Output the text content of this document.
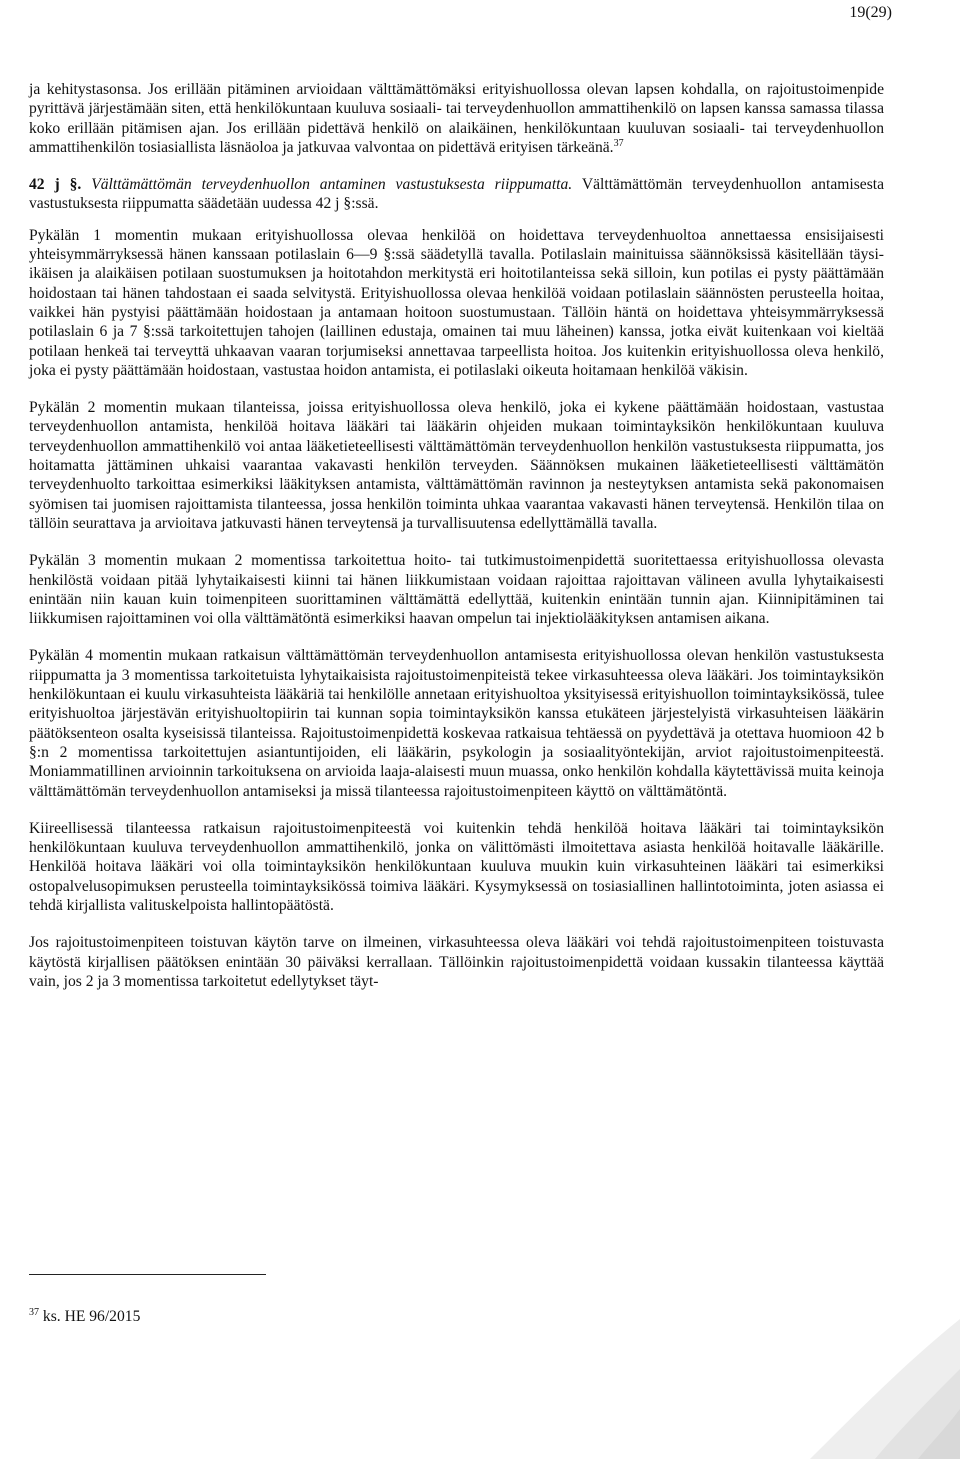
19(29)

ja kehitystasonsa. Jos erillään pitäminen arvioidaan välttämättömäksi erityishuollossa olevan lapsen kohdalla, on rajoitustoimenpide pyrittävä järjestämään siten, että henkilökuntaan kuuluva sosiaali- tai terveydenhuollon ammattihenkilö on lapsen kanssa samassa tilassa koko erillään pitämisen ajan. Jos erillään pidettävä henkilö on alaikäinen, henkilökuntaan kuuluvan sosiaali- tai terveydenhuollon ammattihenkilön tosiasiallista läsnäoloa ja jatkuvaa valvontaa on pidettävä erityisen tärkeänä.$^{37}$

42 j §. Välttämättömän terveydenhuollon antaminen vastustuksesta riippumatta. Välttämättömän terveydenhuollon antamisesta vastustuksesta riippumatta säädetään uudessa 42 j §:ssä.

Pykälän 1 momentin mukaan erityishuollossa olevaa henkilöä on hoidettava terveydenhuoltoa annettaessa ensisijaisesti yhteisymmärryksessä hänen kanssaan potilaslain 6—9 §:ssä säädetyllä tavalla. Potilaslain mainituissa säännöksissä käsitellään täysi-ikäisen ja alaikäisen potilaan suostumuksen ja hoitotahdon merkitystä eri hoitotilanteissa sekä silloin, kun potilas ei pysty päättämään hoidostaan tai hänen tahdostaan ei saada selvitystä. Erityishuollossa olevaa henkilöä voidaan potilaslain säännösten perusteella hoitaa, vaikkei hän pystyisi päättämään hoidostaan ja antamaan hoitoon suostumustaan. Tällöin häntä on hoidettava yhteisymmärryksessä potilaslain 6 ja 7 §:ssä tarkoitettujen tahojen (laillinen edustaja, omainen tai muu läheinen) kanssa, jotka eivät kuitenkaan voi kieltää potilaan henkeä tai terveyttä uhkaavan vaaran torjumiseksi annettavaa tarpeellista hoitoa. Jos kuitenkin erityishuollossa oleva henkilö, joka ei pysty päättämään hoidostaan, vastustaa hoidon antamista, ei potilaslaki oikeuta hoitamaan henkilöä väkisin.

Pykälän 2 momentin mukaan tilanteissa, joissa erityishuollossa oleva henkilö, joka ei kykene päättämään hoidostaan, vastustaa terveydenhuollon antamista, henkilöä hoitava lääkäri tai lääkärin ohjeiden mukaan toimintayksikön henkilökuntaan kuuluva terveydenhuollon ammattihenkilö voi antaa lääketieteellisesti välttämättömän terveydenhuollon henkilön vastustuksesta riippumatta, jos hoitamatta jättäminen uhkaisi vaarantaa vakavasti henkilön terveyden. Säännöksen mukainen lääketieteellisesti välttämätön terveydenhuolto tarkoittaa esimerkiksi lääkityksen antamista, välttämättömän ravinnon ja nesteytyksen antamista sekä pakonomaisen syömisen tai juomisen rajoittamista tilanteessa, jossa henkilön toiminta uhkaa vaarantaa vakavasti hänen terveytensä. Henkilön tilaa on tällöin seurattava ja arvioitava jatkuvasti hänen terveytensä ja turvallisuutensa edellyttämällä tavalla.

Pykälän 3 momentin mukaan 2 momentissa tarkoitettua hoito- tai tutkimustoimenpidettä suoritettaessa erityishuollossa olevasta henkilöstä voidaan pitää lyhytaikaisesti kiinni tai hänen liikkumistaan voidaan rajoittaa rajoittavan välineen avulla lyhytaikaisesti enintään niin kauan kuin toimenpiteen suorittaminen välttämättä edellyttää, kuitenkin enintään tunnin ajan. Kiinnipitäminen tai liikkumisen rajoittaminen voi olla välttämätöntä esimerkiksi haavan ompelun tai injektiolääkityksen antamisen aikana.

Pykälän 4 momentin mukaan ratkaisun välttämättömän terveydenhuollon antamisesta erityishuollossa olevan henkilön vastustuksesta riippumatta ja 3 momentissa tarkoitetuista lyhytaikaisista rajoitustoimenpiteistä tekee virkasuhteessa oleva lääkäri. Jos toimintayksikön henkilökuntaan ei kuulu virkasuhteista lääkäriä tai henkilölle annetaan erityishuoltoa yksityisessä erityishuollon toimintayksikössä, tulee erityishuoltoa järjestävän erityishuoltopiirin tai kunnan sopia toimintayksikön kanssa etukäteen järjestelyistä virkasuhteisen lääkärin päätöksenteon osalta kyseisissä tilanteissa. Rajoitustoimenpidettä koskevaa ratkaisua tehtäessä on pyydettävä ja otettava huomioon 42 b §:n 2 momentissa tarkoitettujen asiantuntijoiden, eli lääkärin, psykologin ja sosiaalityöntekijän, arviot rajoitustoimenpiteestä. Moniammatillinen arvioinnin tarkoituksena on arvioida laaja-alaisesti muun muassa, onko henkilön kohdalla käytettävissä muita keinoja välttämättömän terveydenhuollon antamiseksi ja missä tilanteessa rajoitustoimenpiteen käyttö on välttämätöntä.

Kiireellisessä tilanteessa ratkaisun rajoitustoimenpiteestä voi kuitenkin tehdä henkilöä hoitava lääkäri tai toimintayksikön henkilökuntaan kuuluva terveydenhuollon ammattihenkilö, jonka on välittömästi ilmoitettava asiasta henkilöä hoitavalle lääkärille. Henkilöä hoitava lääkäri voi olla toimintayksikön henkilökuntaan kuuluva muukin kuin virkasuhteinen lääkäri tai esimerkiksi ostopalvelusopimuksen perusteella toimintayksikössä toimiva lääkäri. Kysymyksessä on tosiasiallinen hallintotoiminta, joten asiassa ei tehdä kirjallista valituskelpoista hallintopäätöstä.

Jos rajoitustoimenpiteen toistuvan käytön tarve on ilmeinen, virkasuhteessa oleva lääkäri voi tehdä rajoitustoimenpiteen toistuvasta käytöstä kirjallisen päätöksen enintään 30 päiväksi kerrallaan. Tällöinkin rajoitustoimenpidettä voidaan kussakin tilanteessa käyttää vain, jos 2 ja 3 momentissa tarkoitetut edellytykset täyt-

$^{37}$ ks. HE 96/2015
